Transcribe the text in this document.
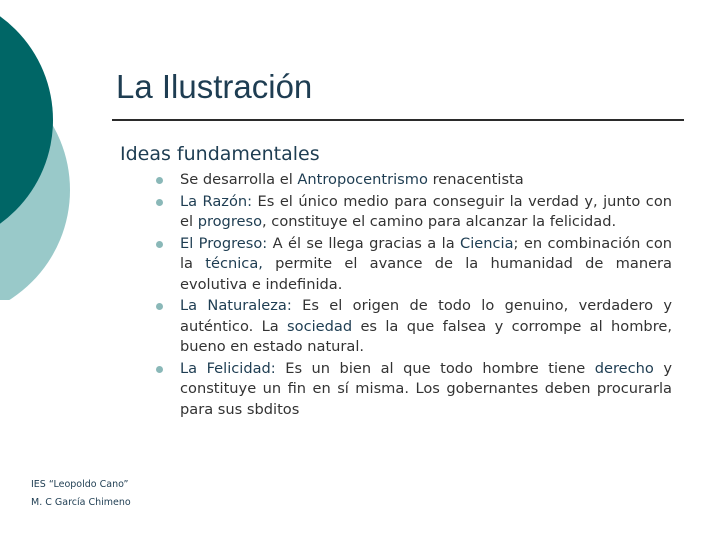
La Ilustración
Ideas fundamentales
Se desarrolla el Antropocentrismo renacentista
La Razón: Es el único medio para conseguir la verdad y, junto con el progreso, constituye el camino para alcanzar la felicidad.
El Progreso: A él se llega gracias a la Ciencia; en combinación con la técnica, permite el avance de la humanidad de manera evolutiva e indefinida.
La Naturaleza: Es el origen de todo lo genuino, verdadero y auténtico. La sociedad es la que falsea y corrompe al hombre, bueno en estado natural.
La Felicidad: Es un bien al que todo hombre tiene derecho y constituye un fin en sí misma. Los gobernantes deben procurarla para sus sbditos
IES “Leopoldo Cano”
M. C García Chimeno
